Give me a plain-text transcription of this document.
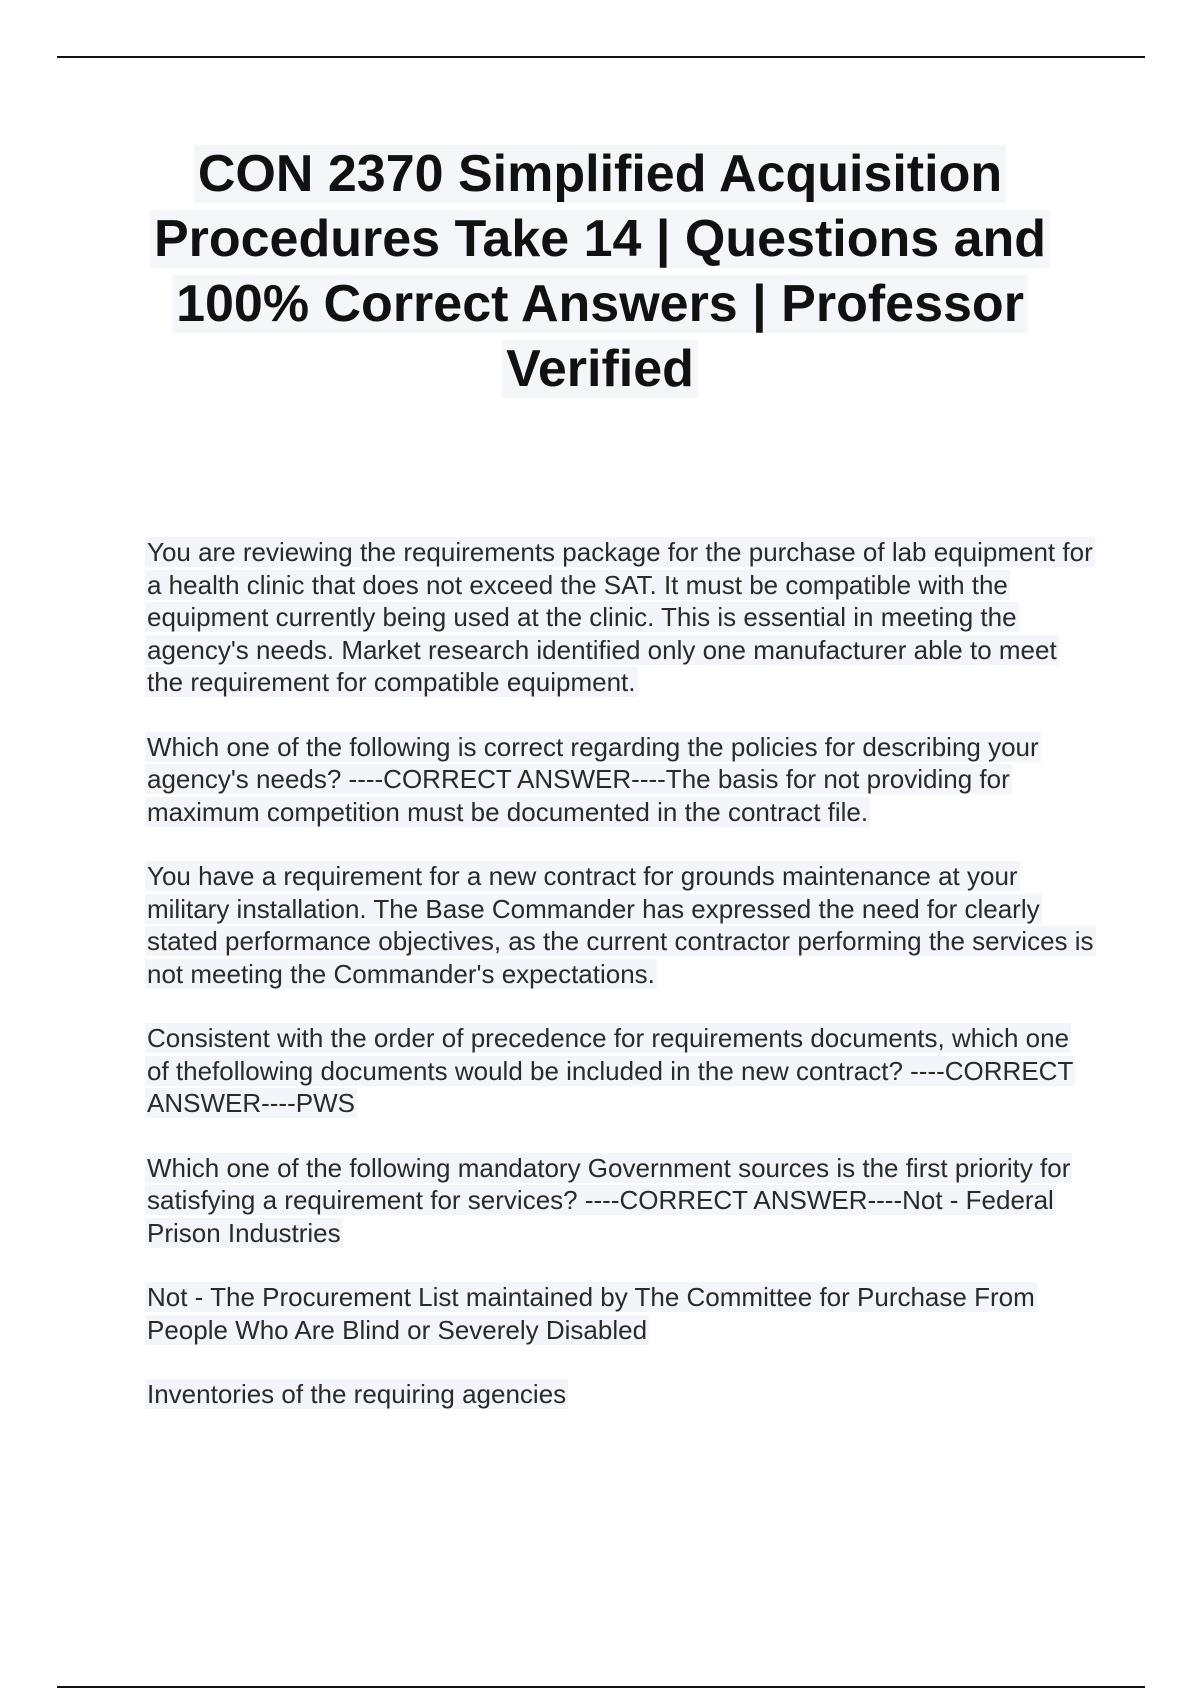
CON 2370 Simplified Acquisition Procedures Take 14 | Questions and 100% Correct Answers | Professor Verified

You are reviewing the requirements package for the purchase of lab equipment for a health clinic that does not exceed the SAT. It must be compatible with the equipment currently being used at the clinic. This is essential in meeting the agency's needs. Market research identified only one manufacturer able to meet the requirement for compatible equipment.

Which one of the following is correct regarding the policies for describing your agency's needs? ----CORRECT ANSWER----The basis for not providing for maximum competition must be documented in the contract file.

You have a requirement for a new contract for grounds maintenance at your military installation. The Base Commander has expressed the need for clearly stated performance objectives, as the current contractor performing the services is not meeting the Commander's expectations.

Consistent with the order of precedence for requirements documents, which one of thefollowing documents would be included in the new contract? ----CORRECT ANSWER----PWS

Which one of the following mandatory Government sources is the first priority for satisfying a requirement for services? ----CORRECT ANSWER----Not - Federal Prison Industries

Not - The Procurement List maintained by The Committee for Purchase From People Who Are Blind or Severely Disabled

Inventories of the requiring agencies
